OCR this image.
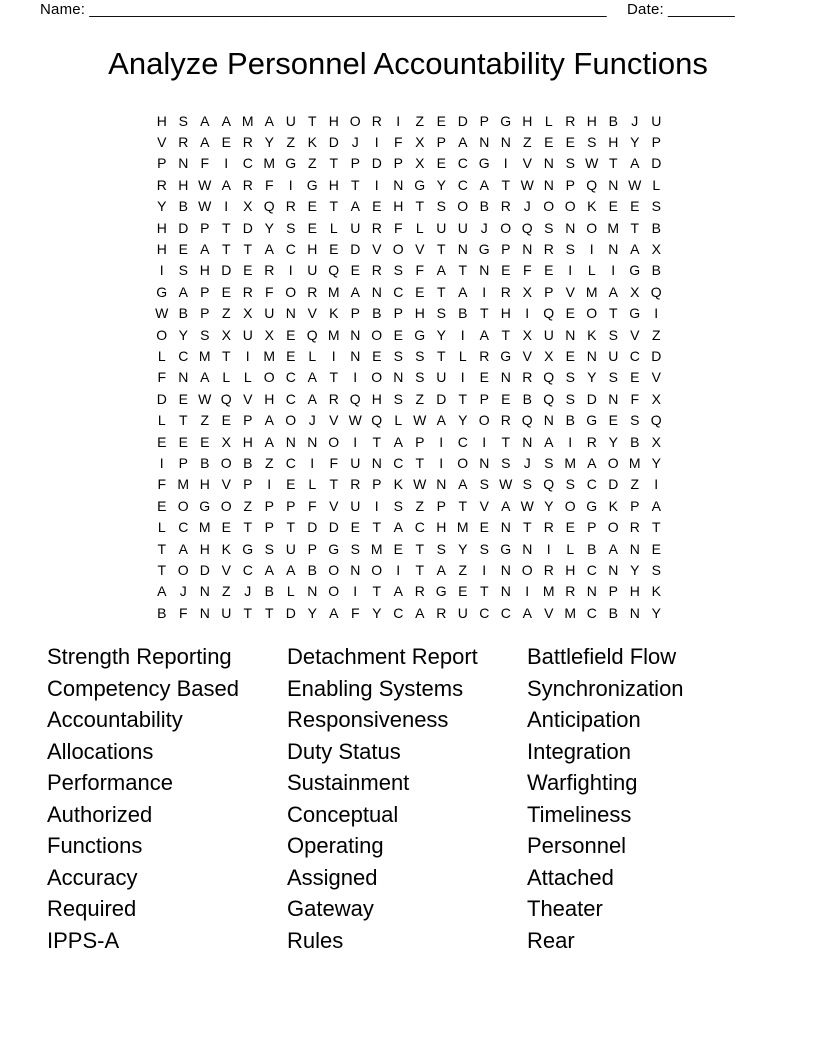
Name: ______________________________________________________________ Date: ________
Analyze Personnel Accountability Functions
H S A A M A U T H O R	I	Z E D P G H L R H B J U
V R A E R Y Z K D J	I	F X P A N N Z E E S H Y P
P N F	I	C M G Z T P D P X E C G	I	V N S W T A D
R H W A R F	I	G H T	I	N G Y C A T W N P Q N W L
Y B W I	X Q R E T A E H T S O B R J O O K E E S
H D P T D Y S E L U R F L U U J O Q S N O M T B
H E A T T A C H E D V O V T N G P N R S	I	N A X
I	S H D E R	I	U Q E R S F A T N E F E	I	L	I	G B
G A P E R F O R M A N C E T A	I	R X P V M A X Q
W B P Z X U N V K P B P H S B T H	I	Q E O T G	I
O Y S X U X E Q M N O E G Y	I	A T X U N K S V Z
L C M T	I M E L	I	N E S S T L R G V X E N U C D
F N A L L O C A T	I	O N S U	I	E N R Q S Y S E V
D E W Q V H C A R Q H S Z D T P E B Q S D N F X
L T Z E P A O J V W Q L W A Y O R Q N B G E S Q
E E E X H A N N O	I	T A P	I	C	I	T N A	I	R Y B X
I	P B O B Z C	I	F U N C T	I	O N S J S M A O M Y
F M H V P	I	E L T R P K W N A S W S Q S C D Z	I
E O G O Z P P F V U	I	S Z P T V A W Y O G K P A
L C M E T P T D D E T A C H M E N T R E P O R T
T A H K G S U P G S M E T S Y S G N	I	L B A N E
T O D V C A A B O N O	I	T A Z	I	N O R H C N Y S
A J N Z J B L N O	I	T A R G E T N	I M R N P H K
B F N U T T D Y A F Y C A R U C C A V M C B N Y
Strength Reporting
Competency Based
Accountability
Allocations
Performance
Authorized
Functions
Accuracy
Required
IPPS-A
Detachment Report
Enabling Systems
Responsiveness
Duty Status
Sustainment
Conceptual
Operating
Assigned
Gateway
Rules
Battlefield Flow
Synchronization
Anticipation
Integration
Warfighting
Timeliness
Personnel
Attached
Theater
Rear
